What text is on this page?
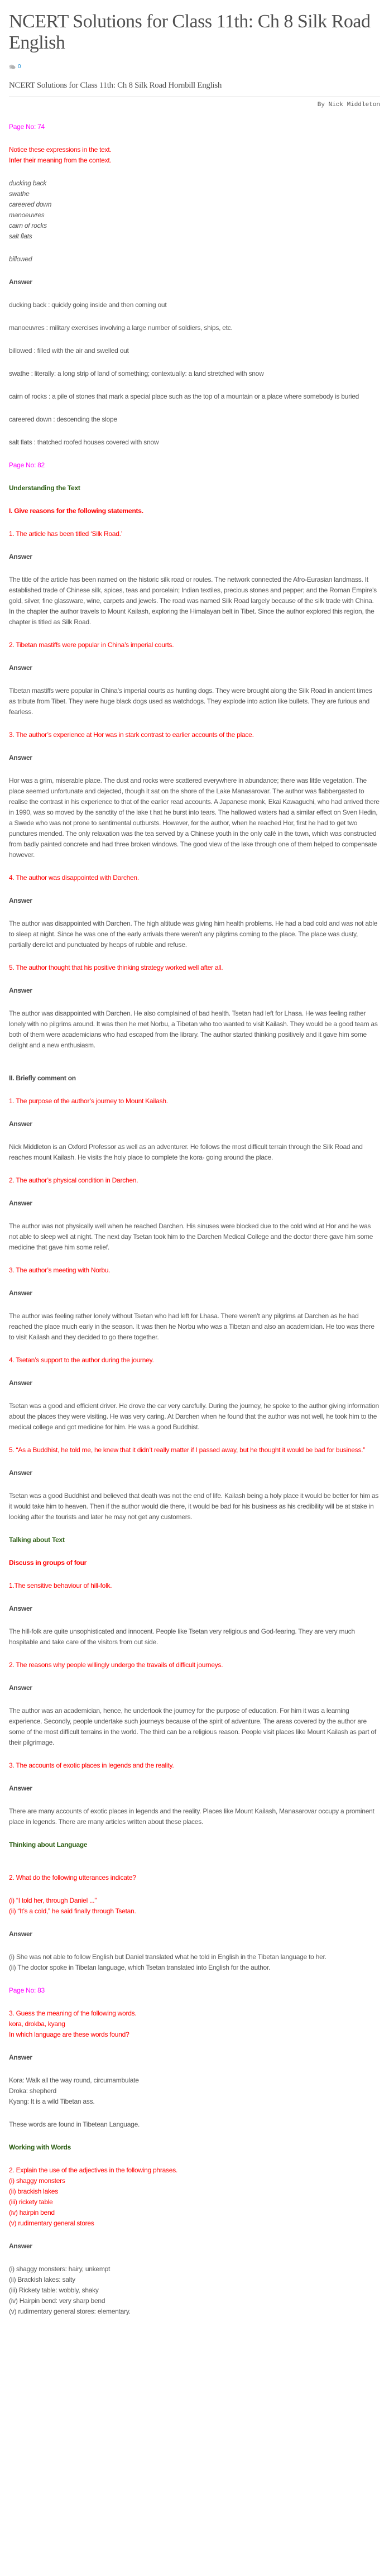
NCERT Solutions for Class 11th: Ch 8 Silk Road English
0
NCERT Solutions for Class 11th: Ch 8 Silk Road Hornbill English
By Nick Middleton
Page No: 74
Notice these expressions in the text.
Infer their meaning from the context.
ducking back
swathe
careered down
manoeuvres
cairn of rocks
salt flats
billowed
Answer
ducking back : quickly going inside and then coming out
manoeuvres : military exercises involving a large number of soldiers, ships, etc.
billowed : filled with the air and swelled out
swathe : literally: a long strip of land of something; contextually: a land stretched with snow
cairn of rocks : a pile of stones that mark a special place such as the top of a mountain or a place where somebody is buried
careered down : descending the slope
salt flats : thatched roofed houses covered with snow
Page No: 82
Understanding the Text
I. Give reasons for the following statements.
1. The article has been titled ‘Silk Road.’
Answer
The title of the article has been named on the historic silk road or routes. The network connected the Afro-Eurasian landmass. It established trade of Chinese silk, spices, teas and porcelain; Indian textiles, precious stones and pepper; and the Roman Empire's gold, silver, fine glassware, wine, carpets and jewels. The road was named Silk Road largely because of the silk trade with China. In the chapter the author travels to Mount Kailash, exploring the Himalayan belt in Tibet. Since the author explored this region, the chapter is titled as Silk Road.
2. Tibetan mastiffs were popular in China’s imperial courts.
Answer
Tibetan mastiffs were popular in China’s imperial courts as hunting dogs. They were brought along the Silk Road in ancient times as tribute from Tibet. They were huge black dogs used as watchdogs. They explode into action like bullets. They are furious and fearless.
3. The author’s experience at Hor was in stark contrast to earlier accounts of the place.
Answer
Hor was a grim, miserable place. The dust and rocks were scattered everywhere in abundance; there was little vegetation. The place seemed unfortunate and dejected, though it sat on the shore of the Lake Manasarovar. The author was flabbergasted to realise the contrast in his experience to that of the earlier read accounts. A Japanese monk, Ekai Kawaguchi, who had arrived there in 1990, was so moved by the sanctity of the lake t hat he burst into tears. The hallowed waters had a similar effect on Sven Hedin, a Swede who was not prone to sentimental outbursts. However, for the author, when he reached Hor, first he had to get two punctures mended. The only relaxation was the tea served by a Chinese youth in the only café in the town, which was constructed from badly painted concrete and had three broken windows. The good view of the lake through one of them helped to compensate however.
4. The author was disappointed with Darchen.
Answer
The author was disappointed with Darchen. The high altitude was giving him health problems. He had a bad cold and was not able to sleep at night. Since he was one of the early arrivals there weren’t any pilgrims coming to the place. The place was dusty, partially derelict and punctuated by heaps of rubble and refuse.
5. The author thought that his positive thinking strategy worked well after all.
Answer
The author was disappointed with Darchen. He also complained of bad health. Tsetan had left for Lhasa. He was feeling rather lonely with no pilgrims around. It was then he met Norbu, a Tibetan who too wanted to visit Kailash. They would be a good team as both of them were academicians who had escaped from the library. The author started thinking positively and it gave him some delight and a new enthusiasm.
II. Briefly comment on
1. The purpose of the author’s journey to Mount Kailash.
Answer
Nick Middleton is an Oxford Professor as well as an adventurer. He follows the most difficult terrain through the Silk Road and reaches mount Kailash. He visits the holy place to complete the kora- going around the place.
2. The author’s physical condition in Darchen.
Answer
The author was not physically well when he reached Darchen. His sinuses were blocked due to the cold wind at Hor and he was not able to sleep well at night. The next day Tsetan took him to the Darchen Medical College and the doctor there gave him some medicine that gave him some relief.
3. The author’s meeting with Norbu.
Answer
The author was feeling rather lonely without Tsetan who had left for Lhasa. There weren’t any pilgrims at Darchen as he had reached the place much early in the season. It was then he Norbu who was a Tibetan and also an academician. He too was there to visit Kailash and they decided to go there together.
4. Tsetan’s support to the author during the journey.
Answer
Tsetan was a good and efficient driver. He drove the car very carefully. During the journey, he spoke to the author giving information about the places they were visiting. He was very caring. At Darchen when he found that the author was not well, he took him to the medical college and got medicine for him. He was a good Buddhist.
5. “As a Buddhist, he told me, he knew that it didn’t really matter if I passed away, but he thought it would be bad for business.”
Answer
Tsetan was a good Buddhist and believed that death was not the end of life. Kailash being a holy place it would be better for him as it would take him to heaven. Then if the author would die there, it would be bad for his business as his credibility will be at stake in looking after the tourists and later he may not get any customers.
Talking about Text
Discuss in groups of four
1.The sensitive behaviour of hill-folk.
Answer
The hill-folk are quite unsophisticated and innocent. People like Tsetan very religious and God-fearing. They are very much hospitable and take care of the visitors from out side.
2. The reasons why people willingly undergo the travails of difficult journeys.
Answer
The author was an academician, hence, he undertook the journey for the purpose of education. For him it was a learning experience. Secondly, people undertake such journeys because of the spirit of adventure. The areas covered by the author are some of the most difficult terrains in the world. The third can be a religious reason. People visit places like Mount Kailash as part of their pilgrimage.
3. The accounts of exotic places in legends and the reality.
Answer
There are many accounts of exotic places in legends and the reality. Places like Mount Kailash, Manasarovar occupy a prominent place in legends. There are many articles written about these places.
Thinking about Language
2. What do the following utterances indicate?
(i) “I told her, through Daniel ...”
(ii) “It’s a cold,” he said finally through Tsetan.
Answer
(i) She was not able to follow English but Daniel translated what he told in English in the Tibetan language to her.
(ii) The doctor spoke in Tibetan language, which Tsetan translated into English for the author.
Page No: 83
3. Guess the meaning of the following words.
kora, drokba, kyang
In which language are these words found?
Answer
Kora: Walk all the way round, circumambulate
Droka: shepherd
Kyang: It is a wild Tibetan ass.
These words are found in Tibetean Language.
Working with Words
2. Explain the use of the adjectives in the following phrases.
(i) shaggy monsters
(ii) brackish lakes
(iii) rickety table
(iv) hairpin bend
(v) rudimentary general stores
Answer
(i) shaggy monsters: hairy, unkempt
(ii) Brackish lakes: salty
(iii) Rickety table: wobbly, shaky
(iv) Hairpin bend: very sharp bend
(v) rudimentary general stores: elementary.
